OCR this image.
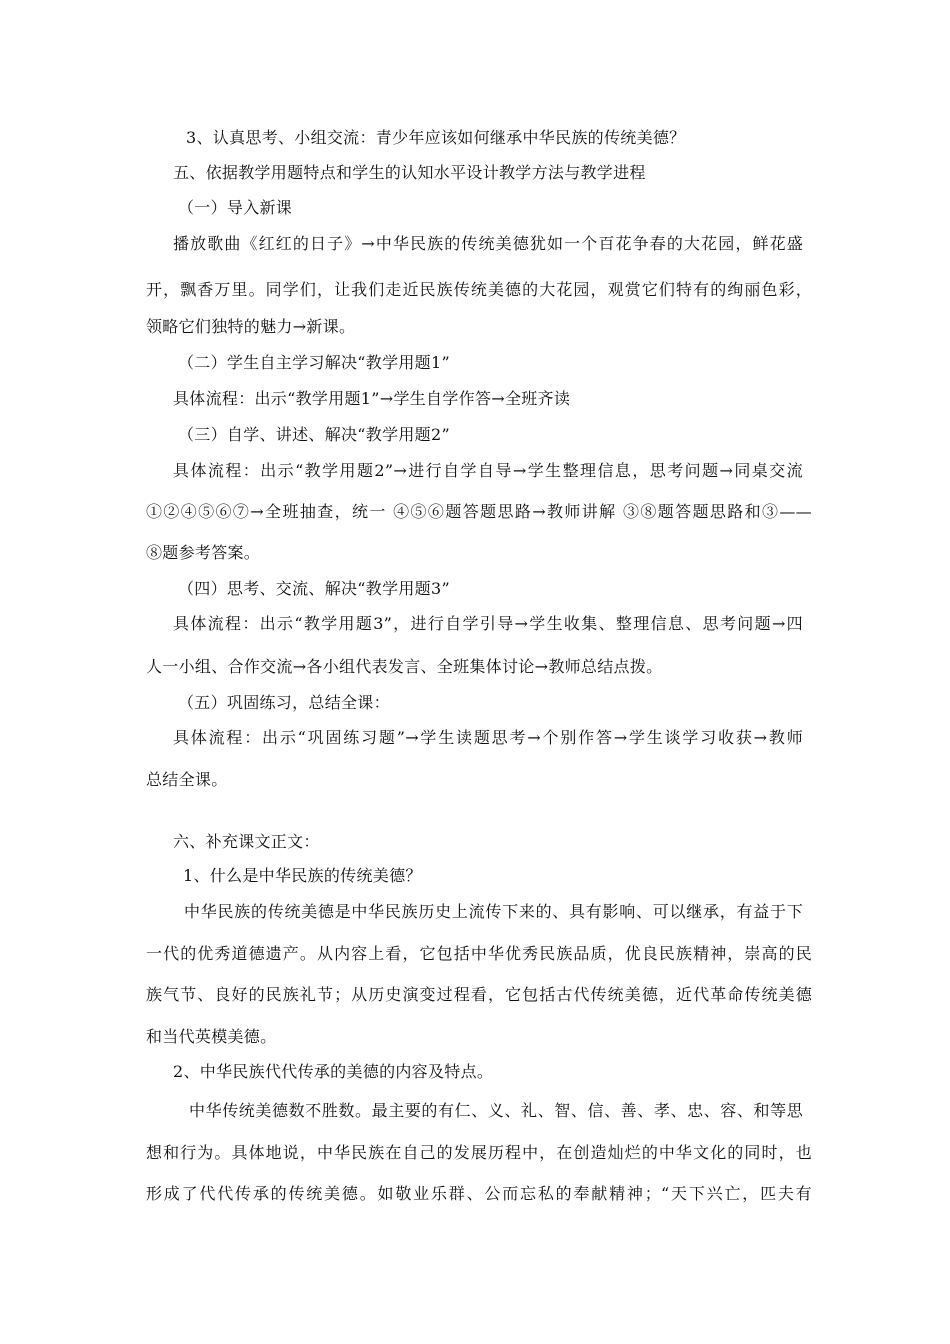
3、认真思考、小组交流：青少年应该如何继承中华民族的传统美德？
五、依据教学用题特点和学生的认知水平设计教学方法与教学进程
（一）导入新课
播放歌曲《红红的日子》→中华民族的传统美德犹如一个百花争春的大花园，鲜花盛
开，飘香万里。同学们，让我们走近民族传统美德的大花园，观赏它们特有的绚丽色彩，
领略它们独特的魅力→新课。
（二）学生自主学习解决“教学用题1”
具体流程：出示“教学用题1”→学生自学作答→全班齐读
（三）自学、讲述、解决“教学用题2”
具体流程：出示“教学用题2”→进行自学自导→学生整理信息，思考问题→同桌交流
①②④⑤⑥⑦→全班抽查，统一 ④⑤⑥题答题思路→教师讲解 ③⑧题答题思路和③——
⑧题参考答案。
（四）思考、交流、解决“教学用题3”
具体流程：出示“教学用题3”，进行自学引导→学生收集、整理信息、思考问题→四
人一小组、合作交流→各小组代表发言、全班集体讨论→教师总结点拨。
（五）巩固练习，总结全课：
具体流程：出示“巩固练习题”→学生读题思考→个别作答→学生谈学习收获→教师
总结全课。
六、补充课文正文：
1、什么是中华民族的传统美德？
中华民族的传统美德是中华民族历史上流传下来的、具有影响、可以继承，有益于下
一代的优秀道德遗产。从内容上看，它包括中华优秀民族品质，优良民族精神，崇高的民
族气节、良好的民族礼节；从历史演变过程看，它包括古代传统美德，近代革命传统美德
和当代英模美德。
2、中华民族代代传承的美德的内容及特点。
中华传统美德数不胜数。最主要的有仁、义、礼、智、信、善、孝、忠、容、和等思
想和行为。具体地说，中华民族在自己的发展历程中，在创造灿烂的中华文化的同时，也
形成了代代传承的传统美德。如敬业乐群、公而忘私的奉献精神；“天下兴亡，匹夫有
